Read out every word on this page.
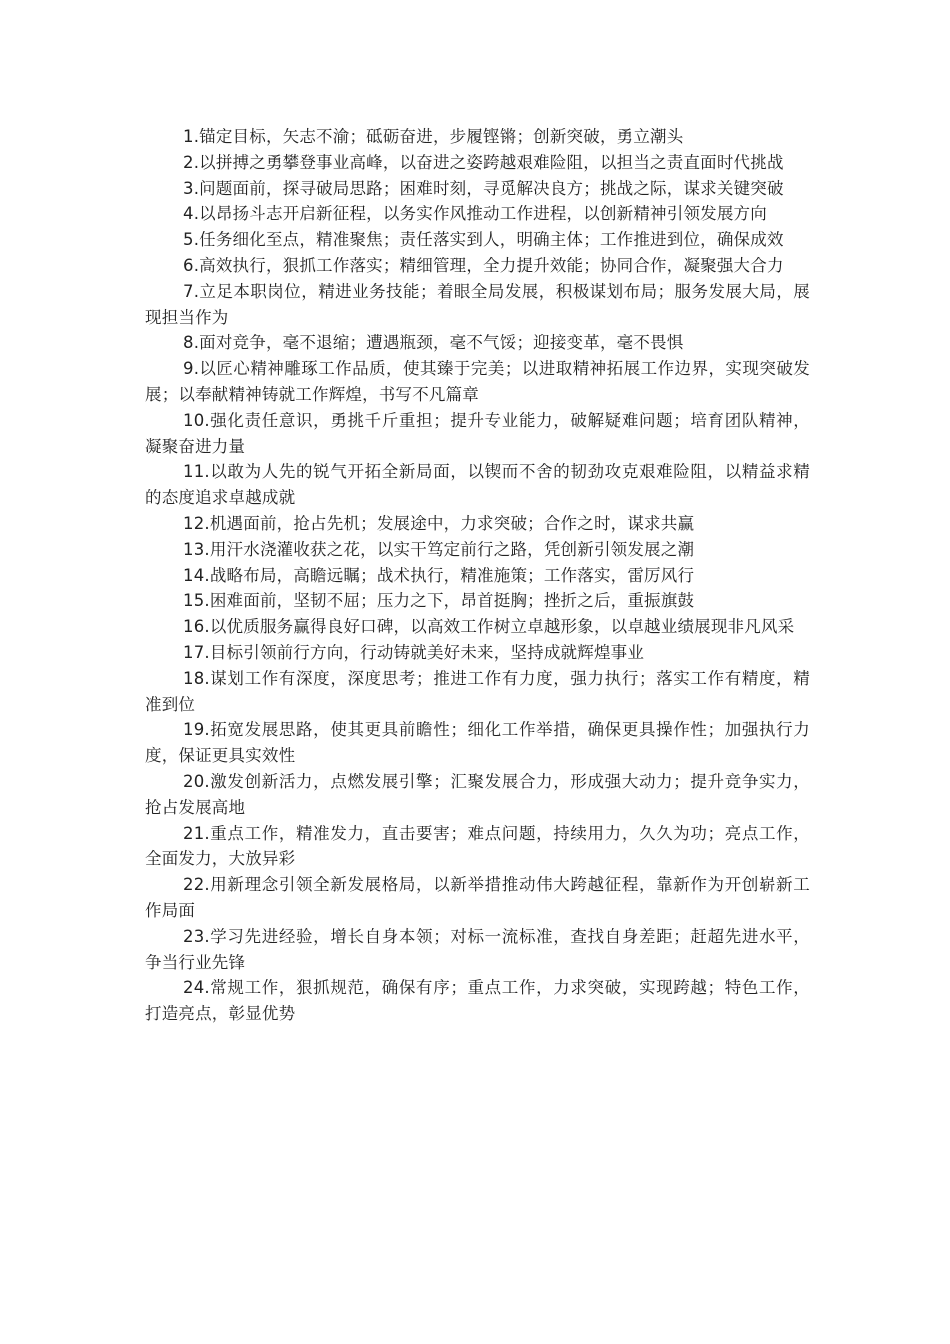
1.锚定目标，矢志不渝；砥砺奋进，步履铿锵；创新突破，勇立潮头

2.以拼搏之勇攀登事业高峰，以奋进之姿跨越艰难险阻，以担当之责直面时代挑战

3.问题面前，探寻破局思路；困难时刻，寻觅解决良方；挑战之际，谋求关键突破

4.以昂扬斗志开启新征程，以务实作风推动工作进程，以创新精神引领发展方向

5.任务细化至点，精准聚焦；责任落实到人，明确主体；工作推进到位，确保成效

6.高效执行，狠抓工作落实；精细管理，全力提升效能；协同合作，凝聚强大合力

7.立足本职岗位，精进业务技能；着眼全局发展，积极谋划布局；服务发展大局，展现担当作为

8.面对竞争，毫不退缩；遭遇瓶颈，毫不气馁；迎接变革，毫不畏惧

9.以匠心精神雕琢工作品质，使其臻于完美；以进取精神拓展工作边界，实现突破发展；以奉献精神铸就工作辉煌，书写不凡篇章

10.强化责任意识，勇挑千斤重担；提升专业能力，破解疑难问题；培育团队精神，凝聚奋进力量

11.以敢为人先的锐气开拓全新局面，以锲而不舍的韧劲攻克艰难险阻，以精益求精的态度追求卓越成就

12.机遇面前，抢占先机；发展途中，力求突破；合作之时，谋求共赢

13.用汗水浇灌收获之花，以实干笃定前行之路，凭创新引领发展之潮

14.战略布局，高瞻远瞩；战术执行，精准施策；工作落实，雷厉风行

15.困难面前，坚韧不屈；压力之下，昂首挺胸；挫折之后，重振旗鼓

16.以优质服务赢得良好口碑，以高效工作树立卓越形象，以卓越业绩展现非凡风采

17.目标引领前行方向，行动铸就美好未来，坚持成就辉煌事业

18.谋划工作有深度，深度思考；推进工作有力度，强力执行；落实工作有精度，精准到位

19.拓宽发展思路，使其更具前瞻性；细化工作举措，确保更具操作性；加强执行力度，保证更具实效性

20.激发创新活力，点燃发展引擎；汇聚发展合力，形成强大动力；提升竞争实力，抢占发展高地

21.重点工作，精准发力，直击要害；难点问题，持续用力，久久为功；亮点工作，全面发力，大放异彩

22.用新理念引领全新发展格局，以新举措推动伟大跨越征程，靠新作为开创崭新工作局面

23.学习先进经验，增长自身本领；对标一流标准，查找自身差距；赶超先进水平，争当行业先锋

24.常规工作，狠抓规范，确保有序；重点工作，力求突破，实现跨越；特色工作，打造亮点，彰显优势
